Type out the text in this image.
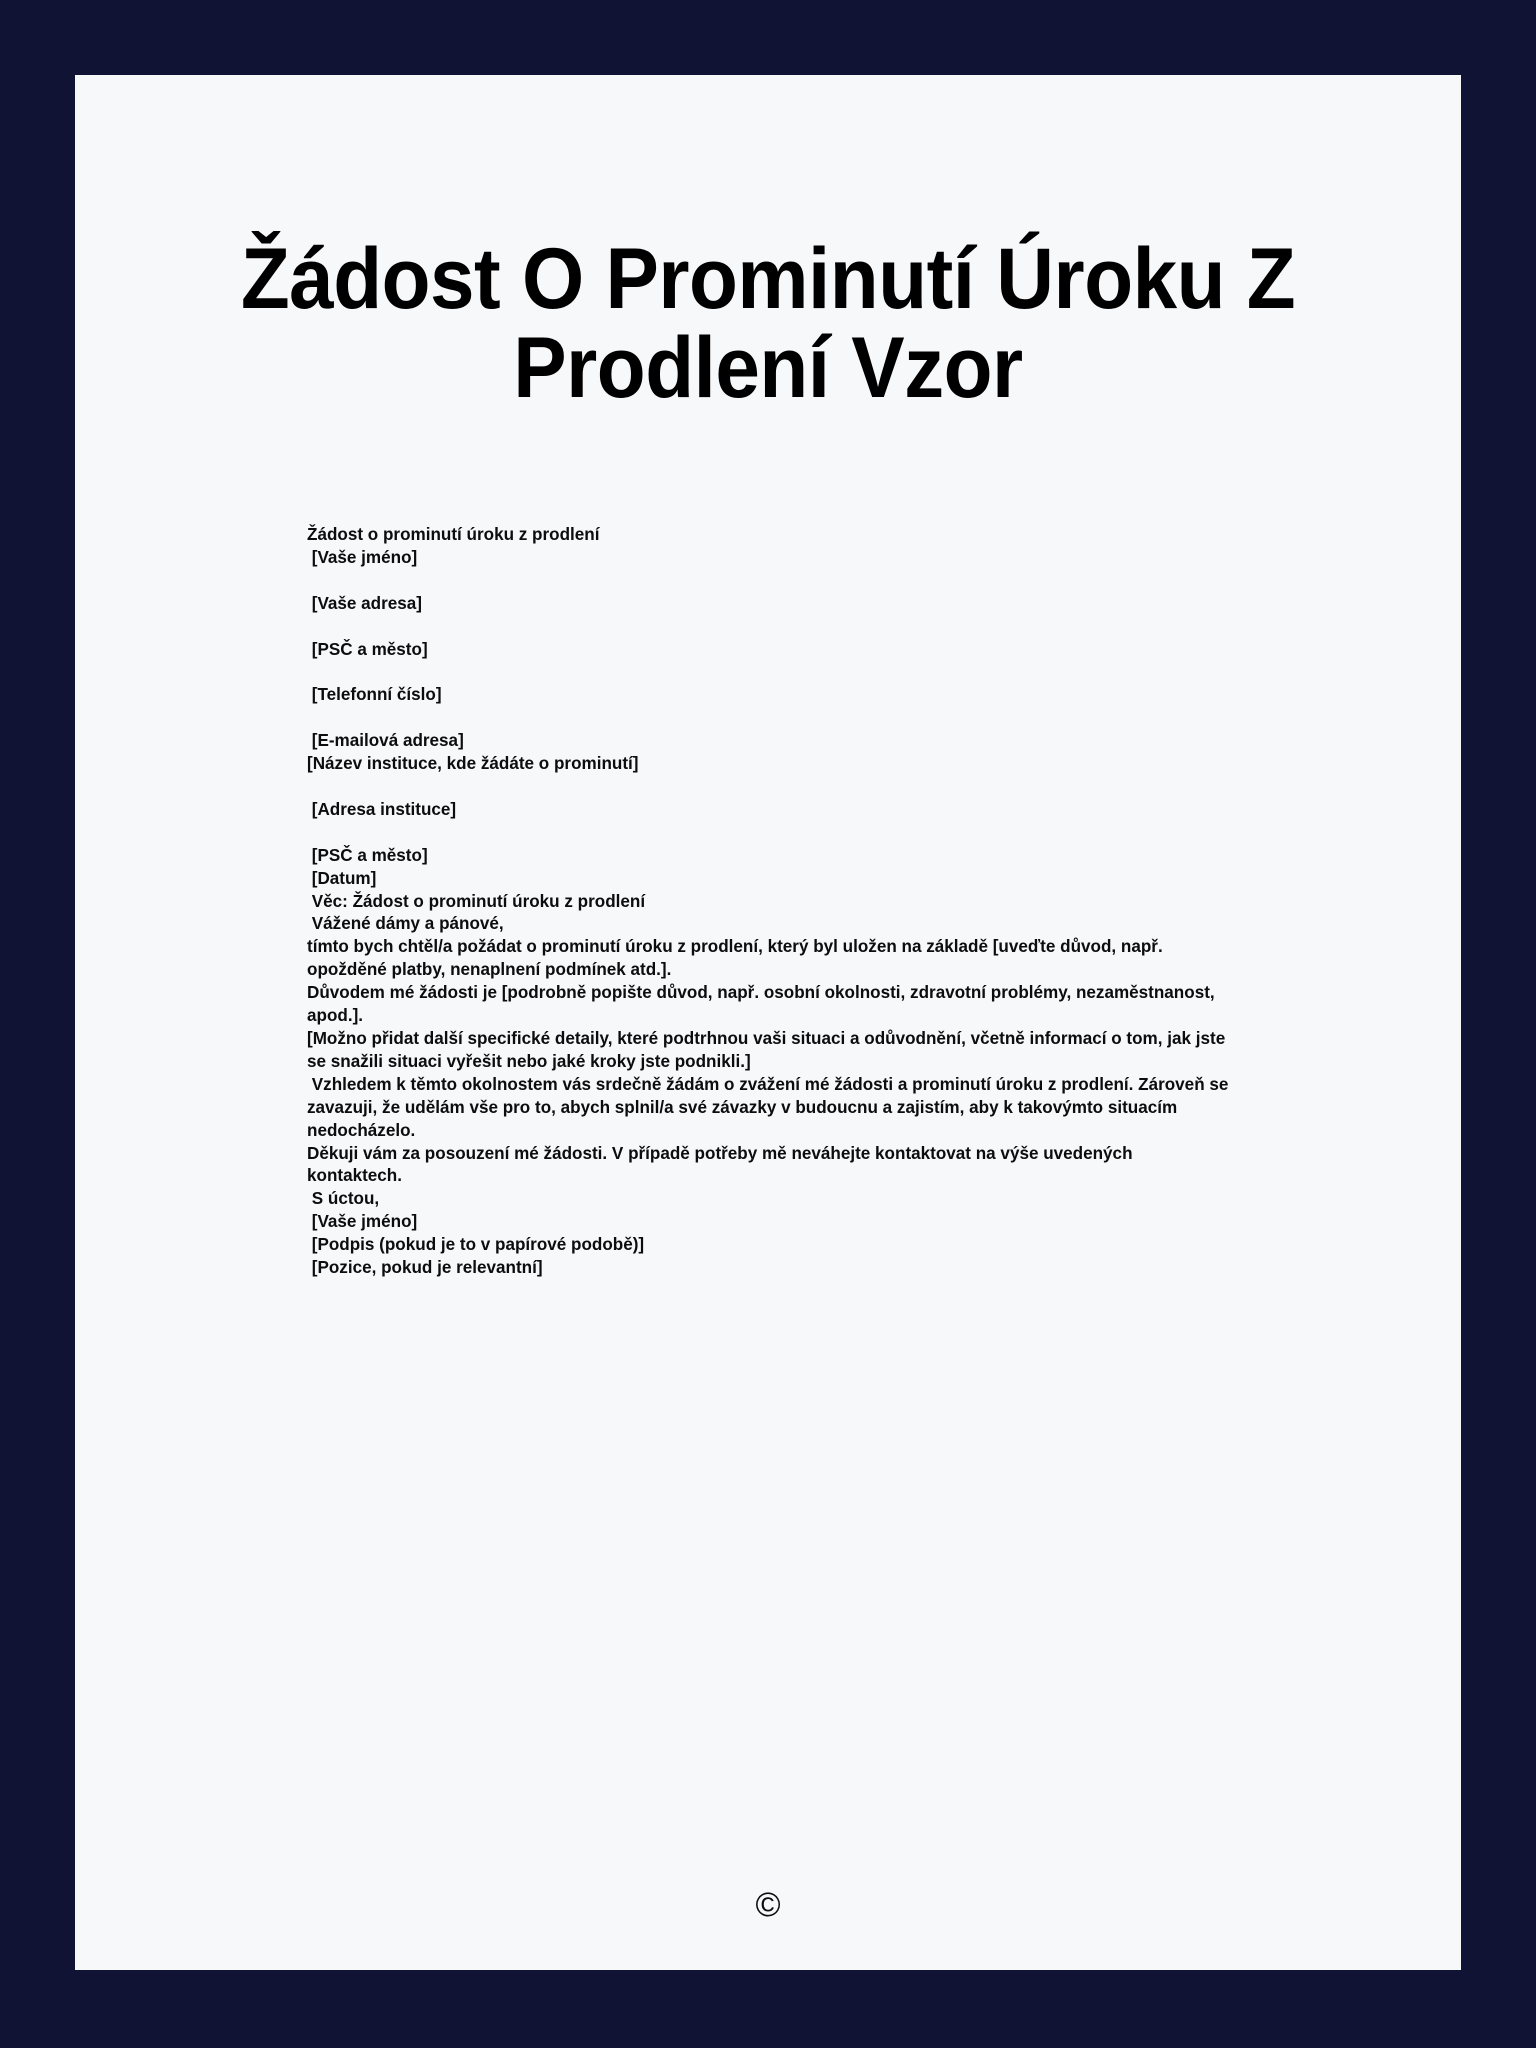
Žádost O Prominutí Úroku Z Prodlení Vzor

Žádost o prominutí úroku z prodlení

[Vaše jméno]

[Vaše adresa]

[PSČ a město]

[Telefonní číslo]

[E-mailová adresa]

[Název instituce, kde žádáte o prominutí]

[Adresa instituce]

[PSČ a město]

[Datum]

Věc: Žádost o prominutí úroku z prodlení

Vážené dámy a pánové,

tímto bych chtěl/a požádat o prominutí úroku z prodlení, který byl uložen na základě [uveďte důvod, např. opožděné platby, nenaplnení podmínek atd.].

Důvodem mé žádosti je [podrobně popište důvod, např. osobní okolnosti, zdravotní problémy, nezaměstnanost, apod.].

[Možno přidat další specifické detaily, které podtrhnou vaši situaci a odůvodnění, včetně informací o tom, jak jste se snažili situaci vyřešit nebo jaké kroky jste podnikli.]

Vzhledem k těmto okolnostem vás srdečně žádám o zvážení mé žádosti a prominutí úroku z prodlení. Zároveň se zavazuji, že udělám vše pro to, abych splnil/a své závazky v budoucnu a zajistím, aby k takovýmto situacím nedocházelo.

Děkuji vám za posouzení mé žádosti. V případě potřeby mě neváhejte kontaktovat na výše uvedených kontaktech.

S úctou,

[Vaše jméno]

[Podpis (pokud je to v papírové podobě)]

[Pozice, pokud je relevantní]

©
